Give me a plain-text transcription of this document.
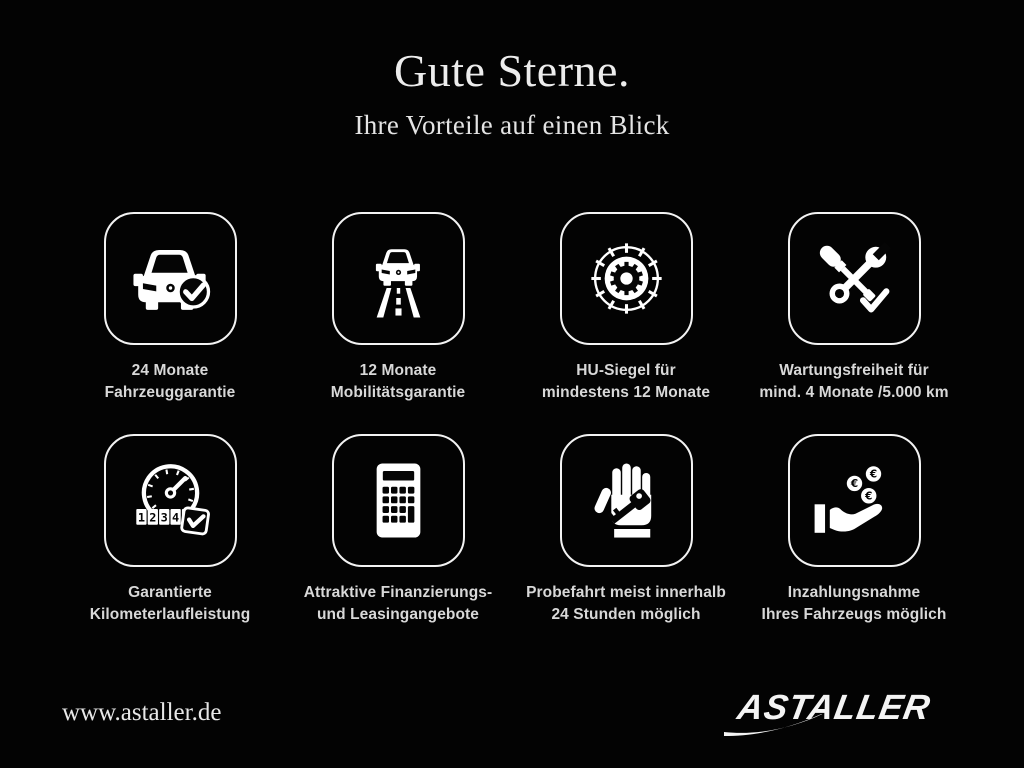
Gute Sterne.
Ihre Vorteile auf einen Blick
24 Monate
Fahrzeuggarantie
12 Monate
Mobilitätsgarantie
HU-Siegel für
mindestens 12 Monate
Wartungsfreiheit für
mind. 4 Monate /5.000 km
1 2 3 4
Garantierte
Kilometerlaufleistung
Attraktive Finanzierungs-
und Leasingangebote
Probefahrt meist innerhalb
24 Stunden möglich
€
€
€
Inzahlungsnahme
Ihres Fahrzeugs möglich
www.astaller.de	ASTALLER
